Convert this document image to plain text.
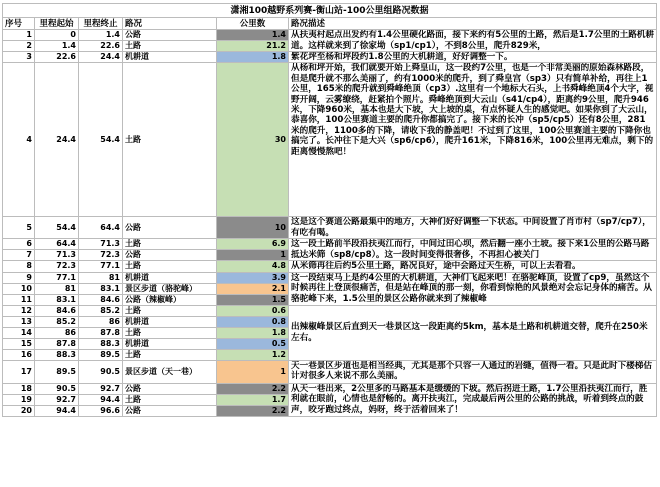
潇湘100越野系列赛-衡山站-100公里组路况数据					
序号	里程起始	里程终止	路况	公里数	路况描述
1	0	1.4	公路	1.4	从扶夷村起点出发约有1.4公里硬化路面，接下来约有5公里的土路，然后是1.7公里的土路机耕道。这样就来到了徐家坳（sp1/cp1），不到8公里，爬升829米，
2	1.4	22.6	土路	21.2	
3	22.6	24.4	机耕道	1.8	紫花坪至杨和坪段约1.8公里的大机耕道，好好调整一下。
4	24.4	54.4	土路	30	从杨和坪开始，我们就要开始上舜皇山，这一段约7公里，也是一个非常美丽的原始森林路段，但是爬升就不那么美丽了，约有1000米的爬升，到了舜皇宫（sp3）只有简单补给，再往上1公里，165米的爬升就到舜峰绝顶（cp3）.这里有一个地标大石头，上书舜峰绝顶4个大字，视野开阔，云雾缭绕，赶紧拍个照片。舜峰绝顶到大云山（s41/cp4），距离约9公里，爬升946米，下降960米，基本也是大下坡，大上坡的桌，有点怀疑人生的感觉吧。如果你到了大云山，恭喜你，100公里赛道主要的爬升你都搞完了。接下来的长冲（sp5/cp5）还有8公里，281米的爬升，1100多的下降，请收下我的静盖吧！不过到了这里，100公里赛道主要的下降你也搞完了。长冲往下是大兴（sp6/cp6），爬升161米，下降816米，100公里再无难点，剩下的距离慢慢熬吧！
5	54.4	64.4	公路	10	这是这个赛道公路最集中的地方，大神们好好调整一下状态。中间设置了肖市村（sp7/cp7），有吃有喝。
6	64.4	71.3	土路	6.9	这一段土路前半段沿扶夷江而行，中间过田心坝，然后翻一座小土坡。接下来1公里的公路马路抵达米筛（sp8/cp8）。这一段时间变得很奢侈，不再担心被关门
7	71.3	72.3	公路	1	
8	72.3	77.1	土路	4.8	从米筛再往后约5公里土路，路况良好，途中会路过天生桥，可以上去看看。
9	77.1	81	机耕道	3.9	这一段结束马上是约4公里的大机耕道，大神们飞起来吧！在骆驼峰顶，设置了cp9，虽然这个时候再往上登顶很痛苦，但是站在峰顶的那一刻，你看到惊艳的风景绝对会忘记身体的痛苦。从骆驼峰下来，1.5公里的景区公路你就来到了辣椒峰
10	81	83.1	景区步道（骆驼峰）	2.1	
11	83.1	84.6	公路（辣椒峰）	1.5	
12	84.6	85.2	土路	0.6	出辣椒峰景区后直到天一巷景区这一段距离约5km，基本是土路和机耕道交替，爬升在250米左右。
13	85.2	86	机耕道	0.8	
14	86	87.8	土路	1.8	
15	87.8	88.3	机耕道	0.5	
16	88.3	89.5	土路	1.2	
17	89.5	90.5	景区步道（天一巷）	1	天一巷景区步道也是相当经典，尤其是那个只容一人通过的岩缝，值得一看。只是此时下楼梯估计对很多人来说不那么美丽。
18	90.5	92.7	公路	2.2	从天一巷出来，2公里多的马路基本是缓缓的下坡。然后拐进土路，1.7公里沿扶夷江而行，胜利就在眼前，心情也是舒畅的。离开扶夷江，完成最后两公里的公路的挑战，听着到终点的鼓声，咬牙跑过终点，妈呀，终于活着回来了！
19	92.7	94.4	土路	1.7	
20	94.4	96.6	公路	2.2	
